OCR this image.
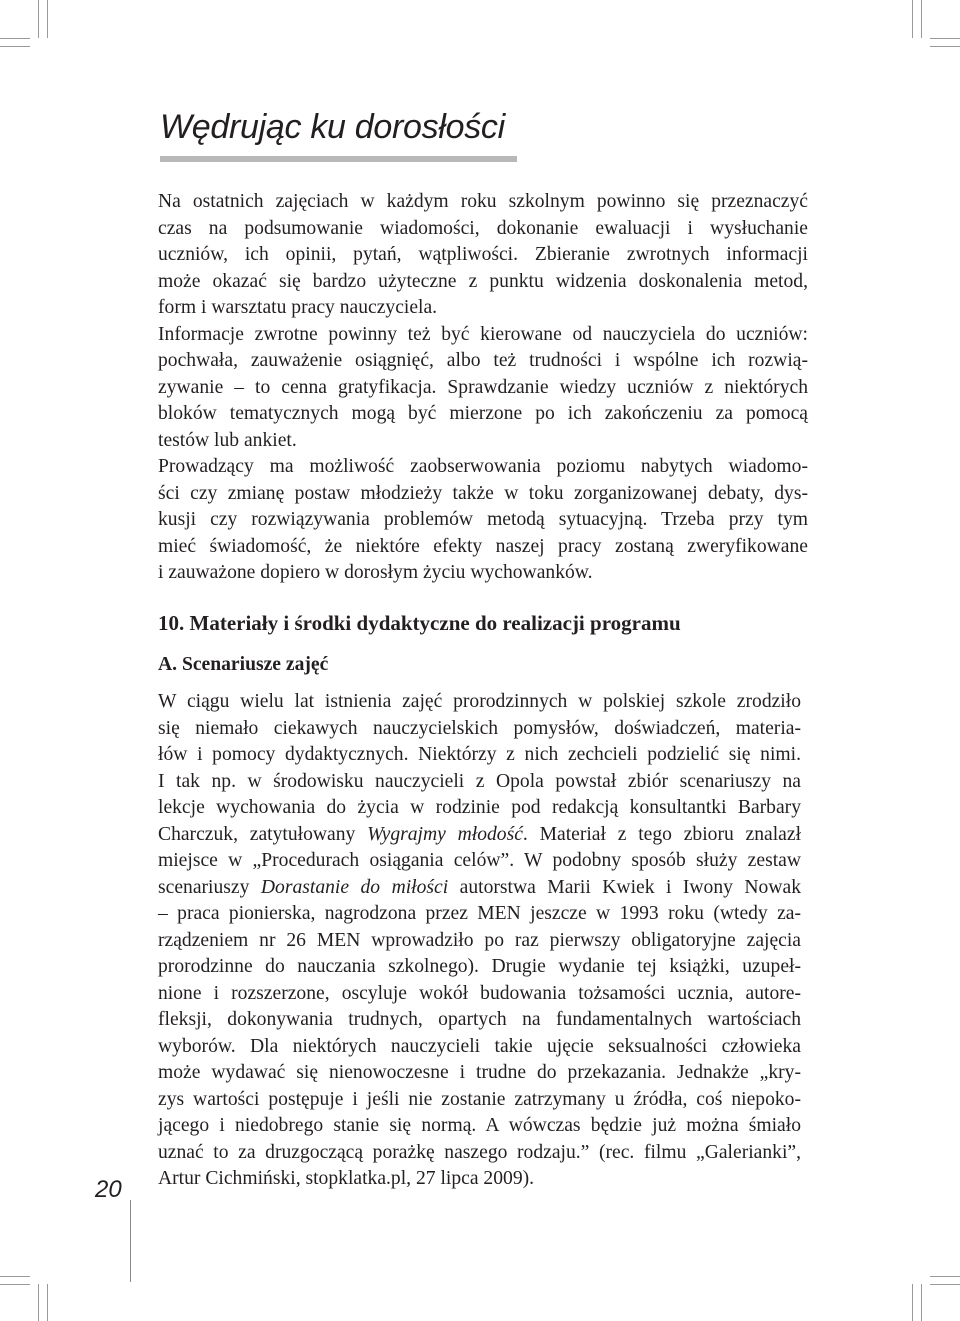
Wędrując ku dorosłości
Na ostatnich zajęciach w każdym roku szkolnym powinno się przeznaczyć
czas na podsumowanie wiadomości, dokonanie ewaluacji i wysłuchanie
uczniów, ich opinii, pytań, wątpliwości. Zbieranie zwrotnych informacji
może okazać się bardzo użyteczne z punktu widzenia doskonalenia metod,
form i warsztatu pracy nauczyciela.
Informacje zwrotne powinny też być kierowane od nauczyciela do uczniów:
pochwała, zauważenie osiągnięć, albo też trudności i wspólne ich rozwią-
zywanie – to cenna gratyfikacja. Sprawdzanie wiedzy uczniów z niektórych
bloków tematycznych mogą być mierzone po ich zakończeniu za pomocą
testów lub ankiet.
Prowadzący ma możliwość zaobserwowania poziomu nabytych wiadomo-
ści czy zmianę postaw młodzieży także w toku zorganizowanej debaty, dys-
kusji czy rozwiązywania problemów metodą sytuacyjną. Trzeba przy tym
mieć świadomość, że niektóre efekty naszej pracy zostaną zweryfikowane
i zauważone dopiero w dorosłym życiu wychowanków.
10. Materiały i środki dydaktyczne do realizacji programu
A. Scenariusze zajęć
W ciągu wielu lat istnienia zajęć prorodzinnych w polskiej szkole zrodziło
się niemało ciekawych nauczycielskich pomysłów, doświadczeń, materia-
łów i pomocy dydaktycznych. Niektórzy z nich zechcieli podzielić się nimi.
I tak np. w środowisku nauczycieli z Opola powstał zbiór scenariuszy na
lekcje wychowania do życia w rodzinie pod redakcją konsultantki Barbary
Charczuk, zatytułowany Wygrajmy młodość. Materiał z tego zbioru znalazł
miejsce w „Procedurach osiągania celów”. W podobny sposób służy zestaw
scenariuszy Dorastanie do miłości autorstwa Marii Kwiek i Iwony Nowak
– praca pionierska, nagrodzona przez MEN jeszcze w 1993 roku (wtedy za-
rządzeniem nr 26 MEN wprowadziło po raz pierwszy obligatoryjne zajęcia
prorodzinne do nauczania szkolnego). Drugie wydanie tej książki, uzupeł-
nione i rozszerzone, oscyluje wokół budowania tożsamości ucznia, autore-
fleksji, dokonywania trudnych, opartych na fundamentalnych wartościach
wyborów. Dla niektórych nauczycieli takie ujęcie seksualności człowieka
może wydawać się nienowoczesne i trudne do przekazania. Jednakże „kry-
zys wartości postępuje i jeśli nie zostanie zatrzymany u źródła, coś niepoko-
jącego i niedobrego stanie się normą. A wówczas będzie już można śmiało
uznać to za druzgoczącą porażkę naszego rodzaju.” (rec. filmu „Galerianki”,
Artur Cichmiński, stopklatka.pl, 27 lipca 2009).
20
